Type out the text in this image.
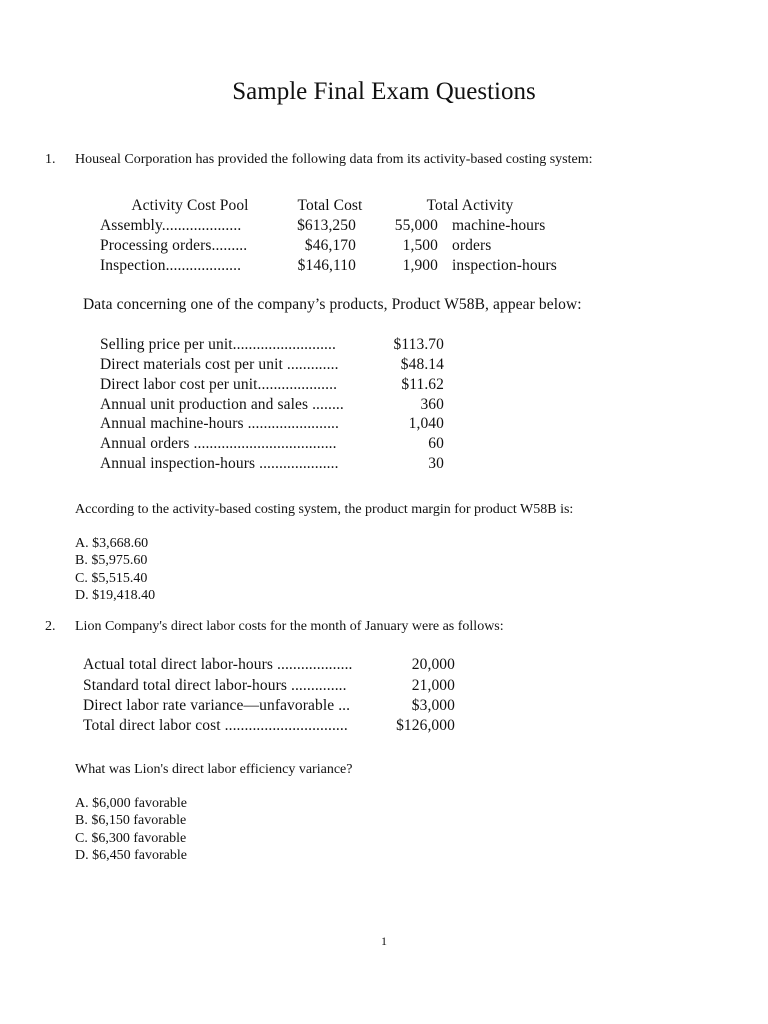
Sample Final Exam Questions
1. Houseal Corporation has provided the following data from its activity-based costing system:
Activity Cost Pool	Total Cost	Total Activity
Assembly....................	$613,250	55,000 machine-hours
Processing orders.........	$46,170	1,500 orders
Inspection...................	$146,110	1,900 inspection-hours
Data concerning one of the company’s products, Product W58B, appear below:
Selling price per unit..........................	$113.70
Direct materials cost per unit .............	$48.14
Direct labor cost per unit....................	$11.62
Annual unit production and sales ........	360
Annual machine-hours .......................	1,040
Annual orders ....................................	60
Annual inspection-hours ....................	30
According to the activity-based costing system, the product margin for product W58B is:
A. $3,668.60
B. $5,975.60
C. $5,515.40
D. $19,418.40
2. Lion Company's direct labor costs for the month of January were as follows:
Actual total direct labor-hours ...................	20,000
Standard total direct labor-hours ..............	21,000
Direct labor rate variance—unfavorable ...	$3,000
Total direct labor cost ...............................	$126,000
What was Lion's direct labor efficiency variance?
A. $6,000 favorable
B. $6,150 favorable
C. $6,300 favorable
D. $6,450 favorable
1
